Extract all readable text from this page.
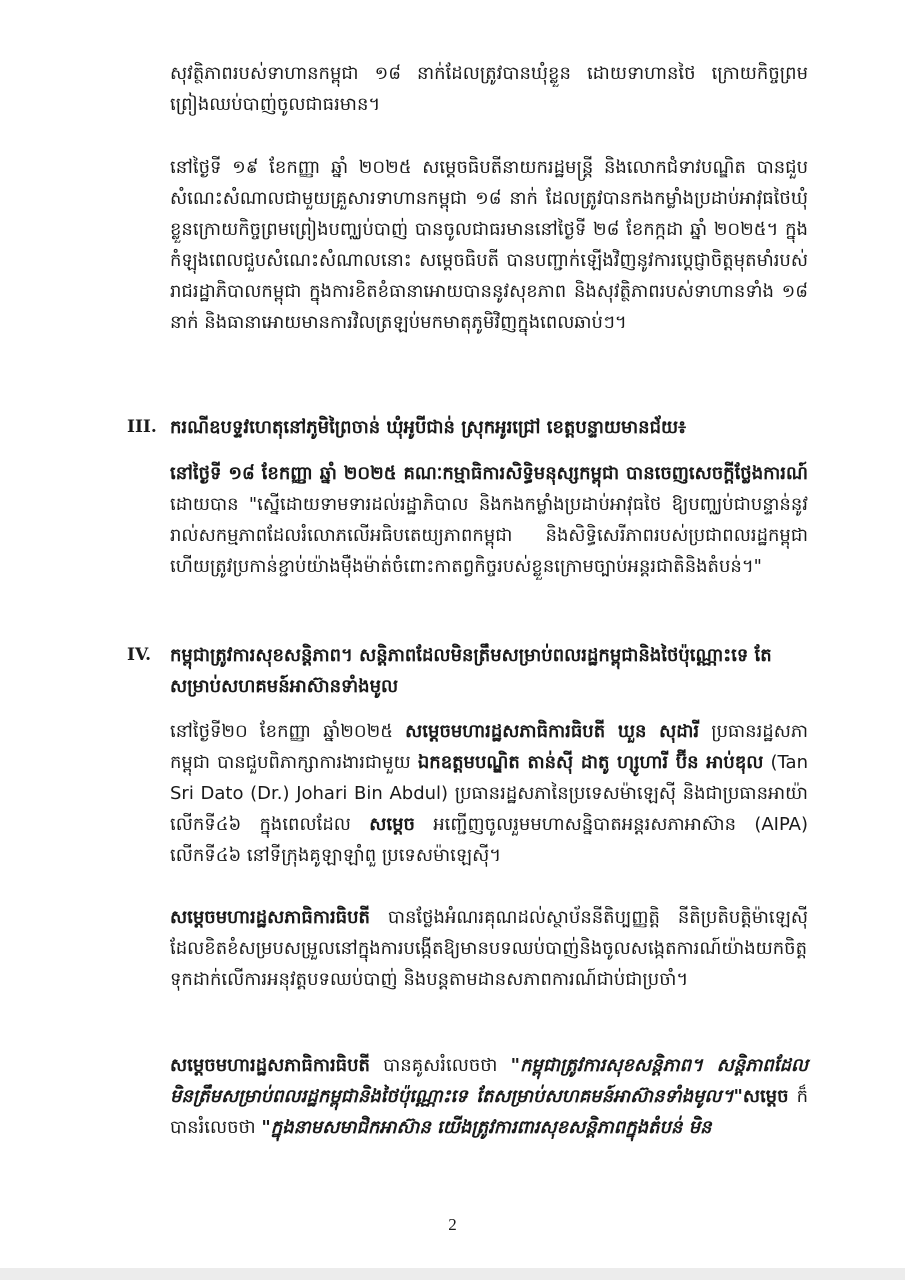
សុវត្ថិភាពរបស់ទាហានកម្ពុជា ១៨ នាក់ដែលត្រូវបានឃុំខ្លួន ដោយទាហានថៃ ក្រោយកិច្ចព្រមព្រៀងឈប់បាញ់ចូលជាធរមាន។

នៅថ្ងៃទី ១៩ ខែកញ្ញា ឆ្នាំ ២០២៥ សម្ដេចធិបតីនាយករដ្ឋមន្ត្រី និងលោកជំទាវបណ្ឌិត បានជួបសំណេះសំណាលជាមួយគ្រួសារទាហានកម្ពុជា ១៨ នាក់ ដែលត្រូវបានកងកម្លាំងប្រដាប់អាវុធថៃឃុំខ្លួនក្រោយកិច្ចព្រមព្រៀងបញ្ឈប់បាញ់ បានចូលជាធរមាននៅថ្ងៃទី ២៨ ខែកក្កដា ឆ្នាំ ២០២៥។ ក្នុងកំឡុងពេលជួបសំណេះសំណាលនោះ សម្ដេចធិបតី បានបញ្ជាក់ឡើងវិញនូវការប្ដេជ្ញាចិត្តមុតមាំរបស់រាជរដ្ឋាភិបាលកម្ពុជា ក្នុងការខិតខំធានាអោយបាននូវសុខភាព និងសុវត្ថិភាពរបស់ទាហានទាំង ១៨ នាក់ និងធានាអោយមានការវិលត្រឡប់មកមាតុភូមិវិញក្នុងពេលឆាប់ៗ។

III. ករណីឧបទ្ទវហេតុនៅភូមិព្រៃចាន់ ឃុំអូបីជាន់ ស្រុកអូរជ្រៅ ខេត្តបន្ទាយមានជ័យ៖

នៅថ្ងៃទី ១៨ ខែកញ្ញា ឆ្នាំ ២០២៥ គណៈកម្មាធិការសិទ្ធិមនុស្សកម្ពុជា បានចេញសេចក្ដីថ្លែងការណ៍ ដោយបាន "ស្នើដោយទាមទារដល់រដ្ឋាភិបាល និងកងកម្លាំងប្រដាប់អាវុធថៃ ឱ្យបញ្ឈប់ជាបន្ទាន់នូវរាល់សកម្មភាពដែលរំលោភលើអធិបតេយ្យភាពកម្ពុជា និងសិទ្ធិសេរីភាពរបស់ប្រជាពលរដ្ឋកម្ពុជា ហើយត្រូវប្រកាន់ខ្ជាប់យ៉ាងម៉ឺងម៉ាត់ចំពោះកាតព្វកិច្ចរបស់ខ្លួនក្រោមច្បាប់អន្តរជាតិនិងតំបន់។"

IV. កម្ពុជាត្រូវការសុខសន្តិភាព។ សន្តិភាពដែលមិនត្រឹមសម្រាប់ពលរដ្ឋកម្ពុជានិងថៃប៉ុណ្ណោះទេ តែសម្រាប់សហគមន៍អាស៊ានទាំងមូល

នៅថ្ងៃទី២០ ខែកញ្ញា ឆ្នាំ២០២៥ សម្ដេចមហារដ្ឋសភាធិការធិបតី ឃួន សុដារី ប្រធានរដ្ឋសភាកម្ពុជា បានជួបពិភាក្សាការងារជាមួយ ឯកឧត្ដមបណ្ឌិត តាន់ស៊ី ដាតូ ហ្សូហារី ប៊ីន អាប់ឌុល (Tan Sri Dato (Dr.) Johari Bin Abdul) ប្រធានរដ្ឋសភានៃប្រទេសម៉ាឡេស៊ី និងជាប្រធានអាយ៉ាលើកទី៤៦ ក្នុងពេលដែល សម្ដេច អញ្ជើញចូលរួមមហាសន្និបាតអន្តរសភាអាស៊ាន (AIPA) លើកទី៤៦ នៅទីក្រុងគូឡាឡាំពួ ប្រទេសម៉ាឡេស៊ី។

សម្ដេចមហារដ្ឋសភាធិការធិបតី បានថ្លែងអំណរគុណដល់ស្ថាប័ននីតិប្បញ្ញត្តិ នីតិប្រតិបត្តិម៉ាឡេស៊ី ដែលខិតខំសម្របសម្រួលនៅក្នុងការបង្កើតឱ្យមានបទឈប់បាញ់និងចូលសង្កេតការណ៍យ៉ាងយកចិត្តទុកដាក់លើការអនុវត្តបទឈប់បាញ់ និងបន្តតាមដានសភាពការណ៍ជាប់ជាប្រចាំ។

សម្ដេចមហារដ្ឋសភាធិការធិបតី បានគូសរំលេចថា "កម្ពុជាត្រូវការសុខសន្តិភាព។ សន្តិភាពដែលមិនត្រឹមសម្រាប់ពលរដ្ឋកម្ពុជានិងថៃប៉ុណ្ណោះទេ តែសម្រាប់សហគមន៍អាស៊ានទាំងមូល។"សម្ដេច ក៏បានរំលេចថា "ក្នុងនាមសមាជិកអាស៊ាន យើងត្រូវការពារសុខសន្តិភាពក្នុងតំបន់ មិន

2
